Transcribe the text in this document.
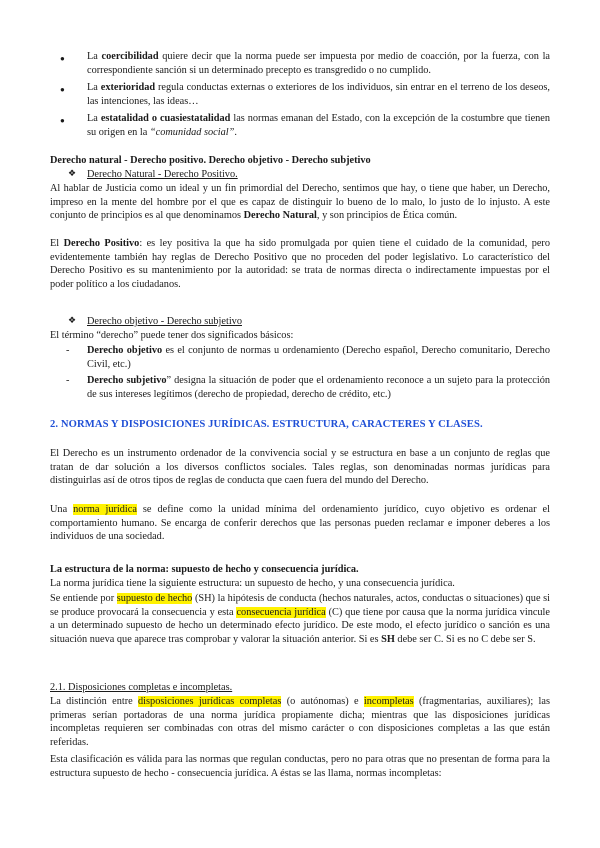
●	La coercibilidad quiere decir que la norma puede ser impuesta por medio de coacción, por la fuerza, con la correspondiente sanción si un determinado precepto es transgredido o no cumplido.
●	La exterioridad regula conductas externas o exteriores de los individuos, sin entrar en el terreno de los deseos, las intenciones, las ideas…
●	La estatalidad o cuasiestatalidad las normas emanan del Estado, con la excepción de la costumbre que tienen su origen en la “comunidad social”.
Derecho natural - Derecho positivo. Derecho objetivo - Derecho subjetivo
❖	Derecho Natural - Derecho Positivo.
Al hablar de Justicia como un ideal y un fin primordial del Derecho, sentimos que hay, o tiene que haber, un Derecho, impreso en la mente del hombre por el que es capaz de distinguir lo bueno de lo malo, lo justo de lo injusto. A este conjunto de principios es al que denominamos Derecho Natural, y son principios de Ética común.
El Derecho Positivo: es ley positiva la que ha sido promulgada por quien tiene el cuidado de la comunidad, pero evidentemente también hay reglas de Derecho Positivo que no proceden del poder legislativo. Lo característico del Derecho Positivo es su mantenimiento por la autoridad: se trata de normas directa o indirectamente impuestas por el poder político a los ciudadanos.
❖	Derecho objetivo - Derecho subjetivo
El término “derecho” puede tener dos significados básicos:
-	Derecho objetivo es el conjunto de normas u ordenamiento (Derecho español, Derecho comunitario, Derecho Civil, etc.)
-	Derecho subjetivo” designa la situación de poder que el ordenamiento reconoce a un sujeto para la protección de sus intereses legítimos (derecho de propiedad, derecho de crédito, etc.)
2. NORMAS Y DISPOSICIONES JURÍDICAS. ESTRUCTURA, CARACTERES Y CLASES.
El Derecho es un instrumento ordenador de la convivencia social y se estructura en base a un conjunto de reglas que tratan de dar solución a los diversos conflictos sociales. Tales reglas, son denominadas normas jurídicas para distinguirlas así de otros tipos de reglas de conducta que caen fuera del mundo del Derecho.
Una norma jurídica se define como la unidad mínima del ordenamiento jurídico, cuyo objetivo es ordenar el comportamiento humano. Se encarga de conferir derechos que las personas pueden reclamar e imponer deberes a los individuos de una sociedad.
La estructura de la norma: supuesto de hecho y consecuencia jurídica.
La norma jurídica tiene la siguiente estructura: un supuesto de hecho, y una consecuencia jurídica.
Se entiende por supuesto de hecho (SH) la hipótesis de conducta (hechos naturales, actos, conductas o situaciones) que si se produce provocará la consecuencia y esta consecuencia jurídica (C) que tiene por causa que la norma jurídica vincule a un determinado supuesto de hecho un determinado efecto jurídico. De este modo, el efecto jurídico o sanción es una situación nueva que aparece tras comprobar y valorar la situación anterior. Si es SH debe ser C. Si es no C debe ser S.
2.1. Disposiciones completas e incompletas.
La distinción entre disposiciones jurídicas completas (o autónomas) e incompletas (fragmentarias, auxiliares); las primeras serían portadoras de una norma jurídica propiamente dicha; mientras que las disposiciones jurídicas incompletas requieren ser combinadas con otras del mismo carácter o con disposiciones completas a las que están referidas.
Esta clasificación es válida para las normas que regulan conductas, pero no para otras que no presentan de forma para la estructura supuesto de hecho - consecuencia jurídica. A éstas se las llama, normas incompletas:
